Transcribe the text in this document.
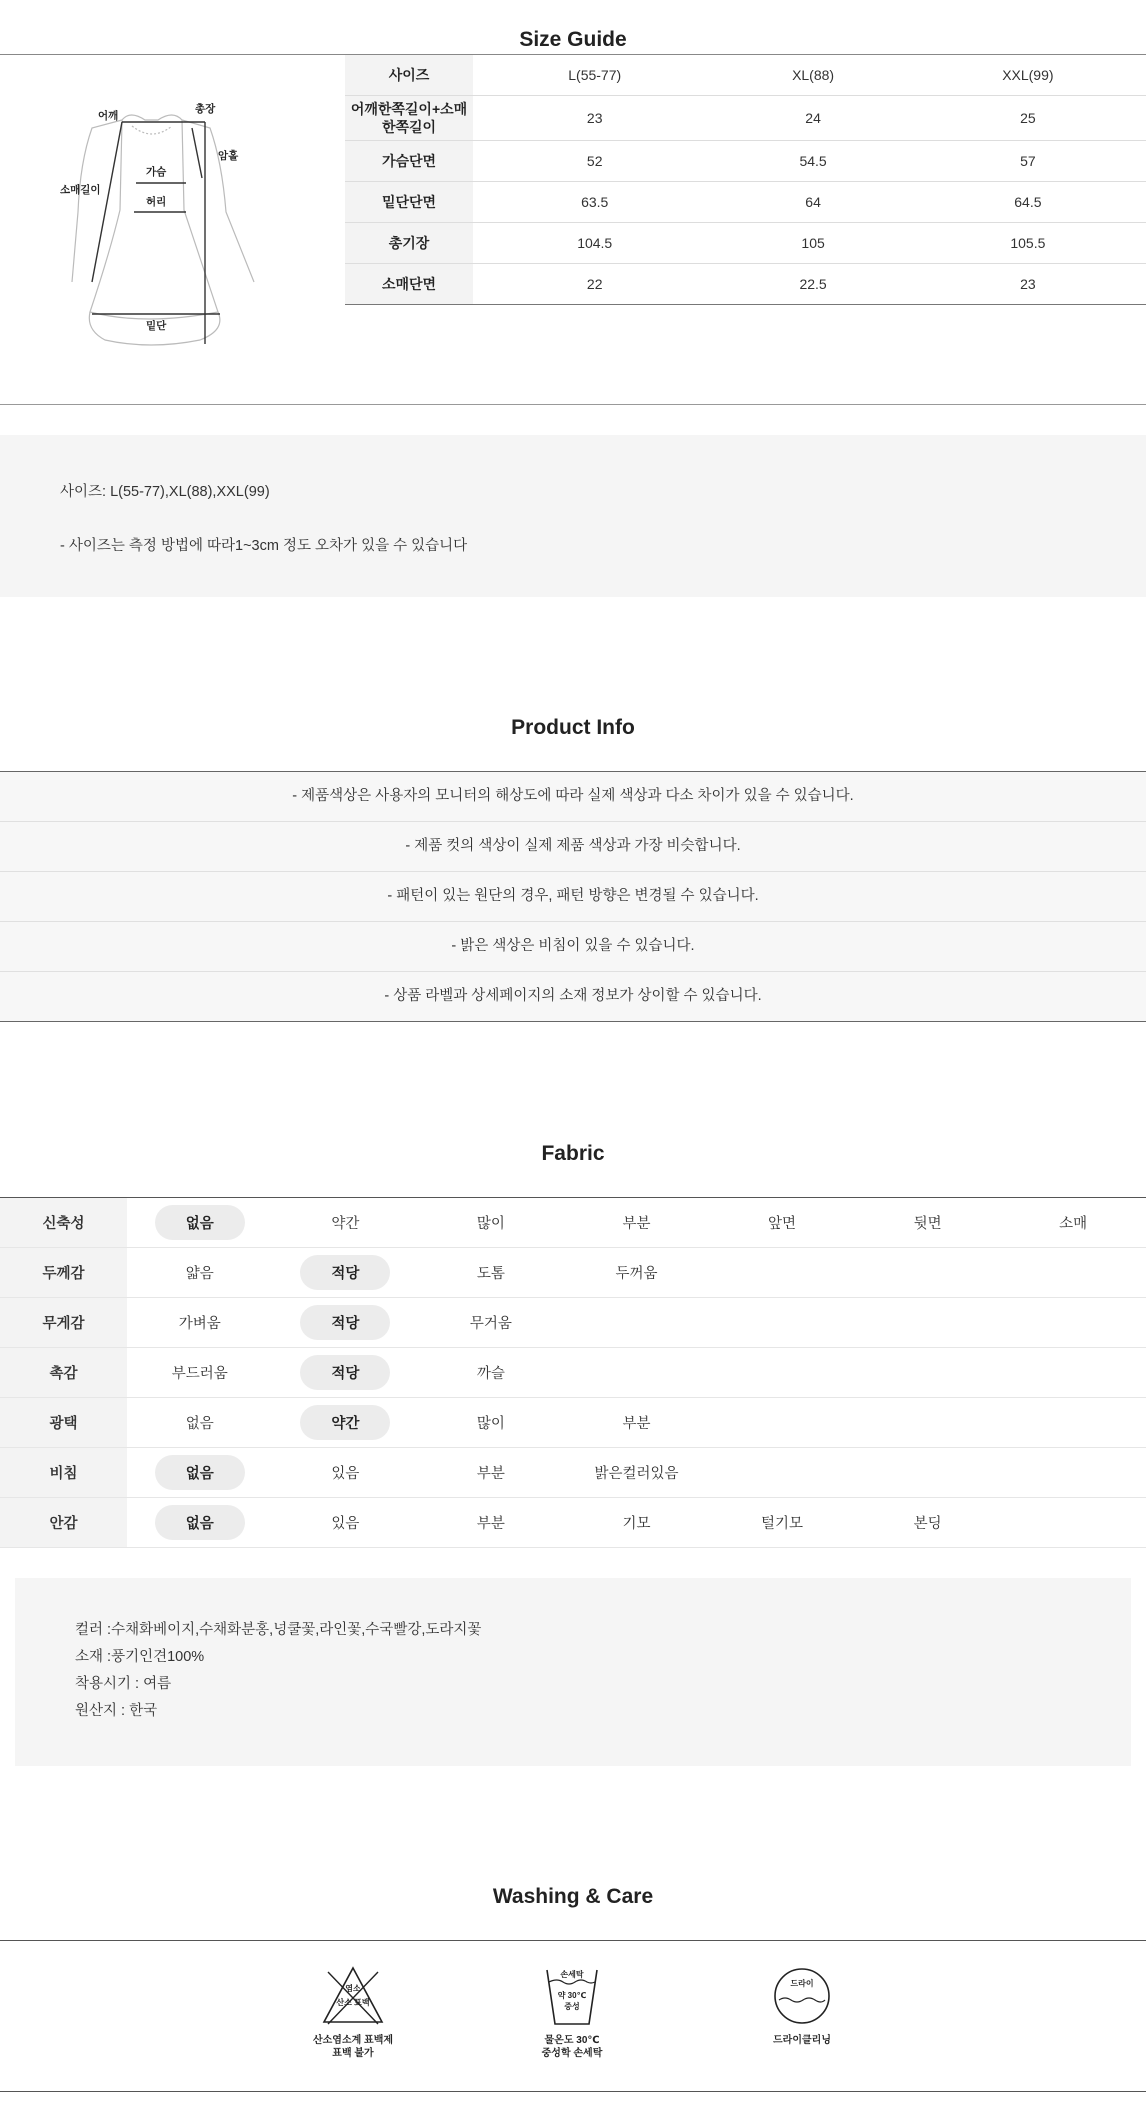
Size Guide
어깨
총장
소매길이
암홀
가슴
허리
밑단
사이즈	L(55-77)	XL(88)	XXL(99)
어깨한쪽길이+소매
한쪽길이	23	24	25
가슴단면	52	54.5	57
밑단단면	63.5	64	64.5
총기장	104.5	105	105.5
소매단면	22	22.5	23
사이즈: L(55-77),XL(88),XXL(99)
- 사이즈는 측정 방법에 따라1~3cm 정도 오차가 있을 수 있습니다
Product Info
- 제품색상은 사용자의 모니터의 해상도에 따라 실제 색상과 다소 차이가 있을 수 있습니다.
- 제품 컷의 색상이 실제 제품 색상과 가장 비슷합니다.
- 패턴이 있는 원단의 경우, 패턴 방향은 변경될 수 있습니다.
- 밝은 색상은 비침이 있을 수 있습니다.
- 상품 라벨과 상세페이지의 소재 정보가 상이할 수 있습니다.
Fabric
신축성	없음	약간	많이	부분	앞면	뒷면	소매
두께감	얇음	적당	도톰	두꺼움			
무게감	가벼움	적당	무거움				
촉감	부드러움	적당	까슬				
광택	없음	약간	많이	부분			
비침	없음	있음	부분	밝은컬러있음			
안감	없음	있음	부분	기모	털기모	본딩	
컬러 :수채화베이지,수채화분홍,넝쿨꽃,라인꽃,수국빨강,도라지꽃
소재 :풍기인견100%
착용시기 : 여름
원산지 : 한국
Washing & Care
염소
산소 표백
산소염소계 표백제
표백 불가
손세탁
약 30℃
중성
물온도 30℃
중성학 손세탁
드라이
드라이클리닝
